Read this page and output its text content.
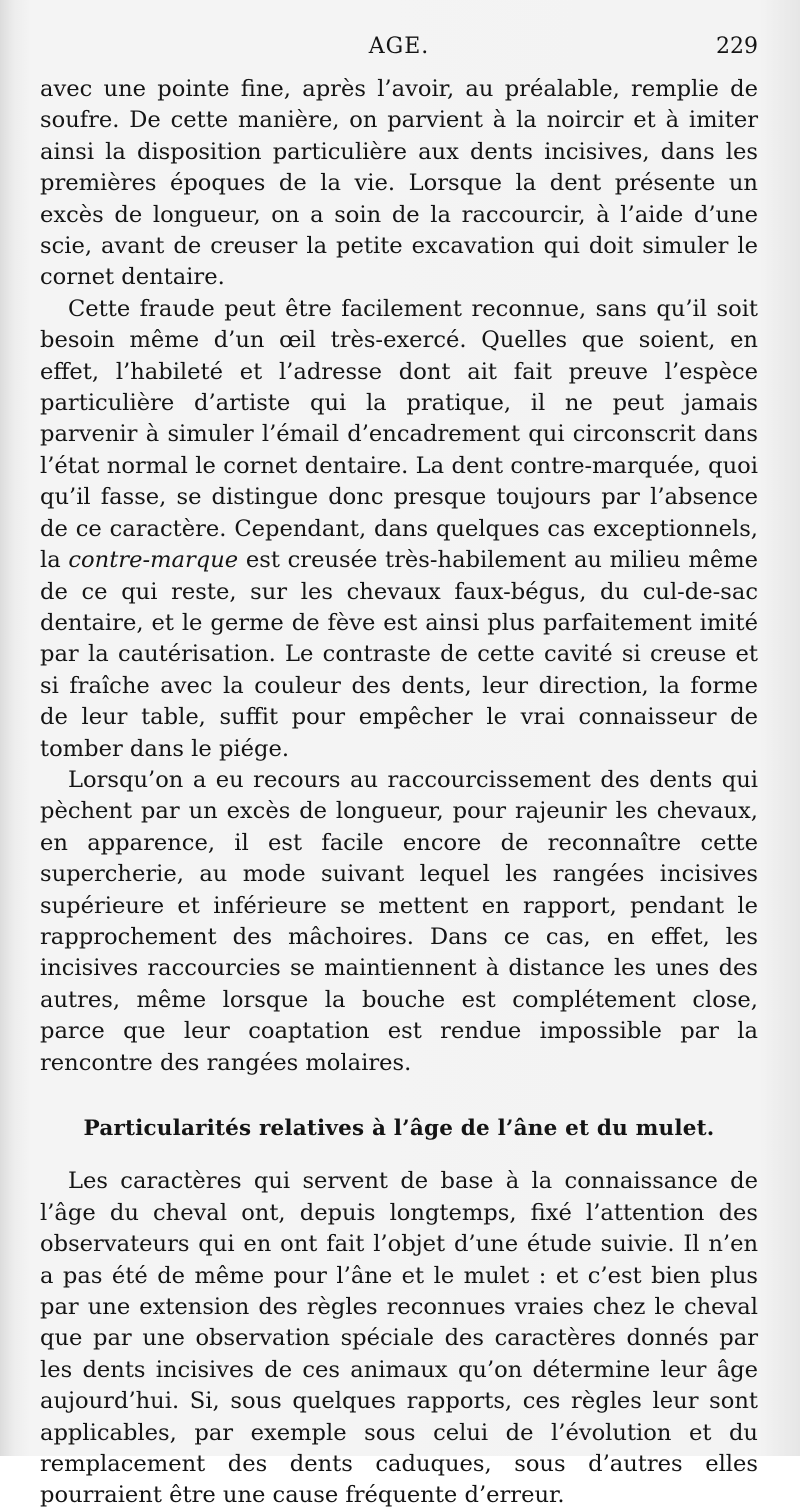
AGE.	229

avec une pointe fine, après l’avoir, au préalable, remplie de soufre. De cette manière, on parvient à la noircir et à imiter ainsi la disposition particulière aux dents incisives, dans les premières époques de la vie. Lorsque la dent présente un excès de longueur, on a soin de la raccourcir, à l’aide d’une scie, avant de creuser la petite excavation qui doit simuler le cornet dentaire.

Cette fraude peut être facilement reconnue, sans qu’il soit besoin même d’un œil très-exercé. Quelles que soient, en effet, l’habileté et l’adresse dont ait fait preuve l’espèce particulière d’artiste qui la pratique, il ne peut jamais parvenir à simuler l’émail d’encadrement qui circonscrit dans l’état normal le cornet dentaire. La dent contre-marquée, quoi qu’il fasse, se distingue donc presque toujours par l’absence de ce caractère. Cependant, dans quelques cas exceptionnels, la contre-marque est creusée très-habilement au milieu même de ce qui reste, sur les chevaux faux-bégus, du cul-de-sac dentaire, et le germe de fève est ainsi plus parfaitement imité par la cautérisation. Le contraste de cette cavité si creuse et si fraîche avec la couleur des dents, leur direction, la forme de leur table, suffit pour empêcher le vrai connaisseur de tomber dans le piége.

Lorsqu’on a eu recours au raccourcissement des dents qui pèchent par un excès de longueur, pour rajeunir les chevaux, en apparence, il est facile encore de reconnaître cette supercherie, au mode suivant lequel les rangées incisives supérieure et inférieure se mettent en rapport, pendant le rapprochement des mâchoires. Dans ce cas, en effet, les incisives raccourcies se maintiennent à distance les unes des autres, même lorsque la bouche est complétement close, parce que leur coaptation est rendue impossible par la rencontre des rangées molaires.

Particularités relatives à l’âge de l’âne et du mulet.

Les caractères qui servent de base à la connaissance de l’âge du cheval ont, depuis longtemps, fixé l’attention des observateurs qui en ont fait l’objet d’une étude suivie. Il n’en a pas été de même pour l’âne et le mulet : et c’est bien plus par une extension des règles reconnues vraies chez le cheval que par une observation spéciale des caractères donnés par les dents incisives de ces animaux qu’on détermine leur âge aujourd’hui. Si, sous quelques rapports, ces règles leur sont applicables, par exemple sous celui de l’évolution et du remplacement des dents caduques, sous d’autres elles pourraient être une cause fréquente d’erreur.
